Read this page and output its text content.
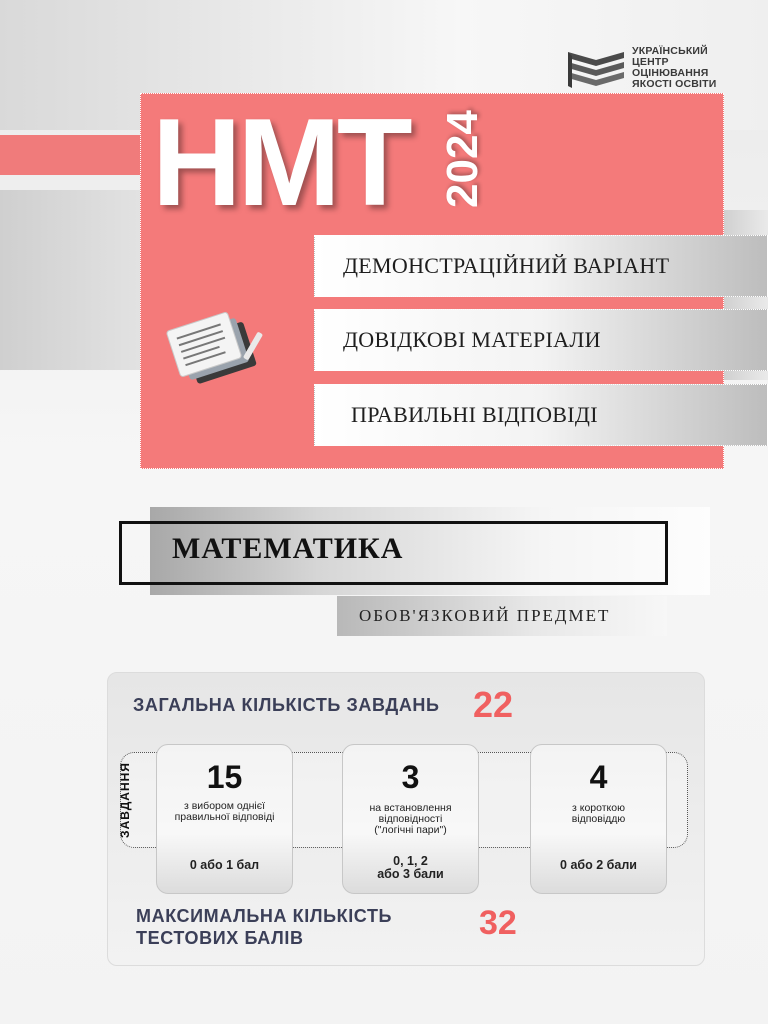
УКРАЇНСЬКИЙ
ЦЕНТР
ОЦІНЮВАННЯ
ЯКОСТІ ОСВІТИ
НМТ 2024
ДЕМОНСТРАЦІЙНИЙ ВАРІАНТ
ДОВІДКОВІ МАТЕРІАЛИ
ПРАВИЛЬНІ ВІДПОВІДІ
МАТЕМАТИКА
ОБОВ'ЯЗКОВИЙ ПРЕДМЕТ
ЗАГАЛЬНА КІЛЬКІСТЬ ЗАВДАНЬ 22
ЗАВДАННЯ	15
з вибором однієї
правильної відповіді
0 або 1 бал
3
на встановлення
відповідності
("логічні пари")
0, 1, 2
або 3 бали
4
з короткою
відповіддю
0 або 2 бали
МАКСИМАЛЬНА КІЛЬКІСТЬ
ТЕСТОВИХ БАЛІВ	32
